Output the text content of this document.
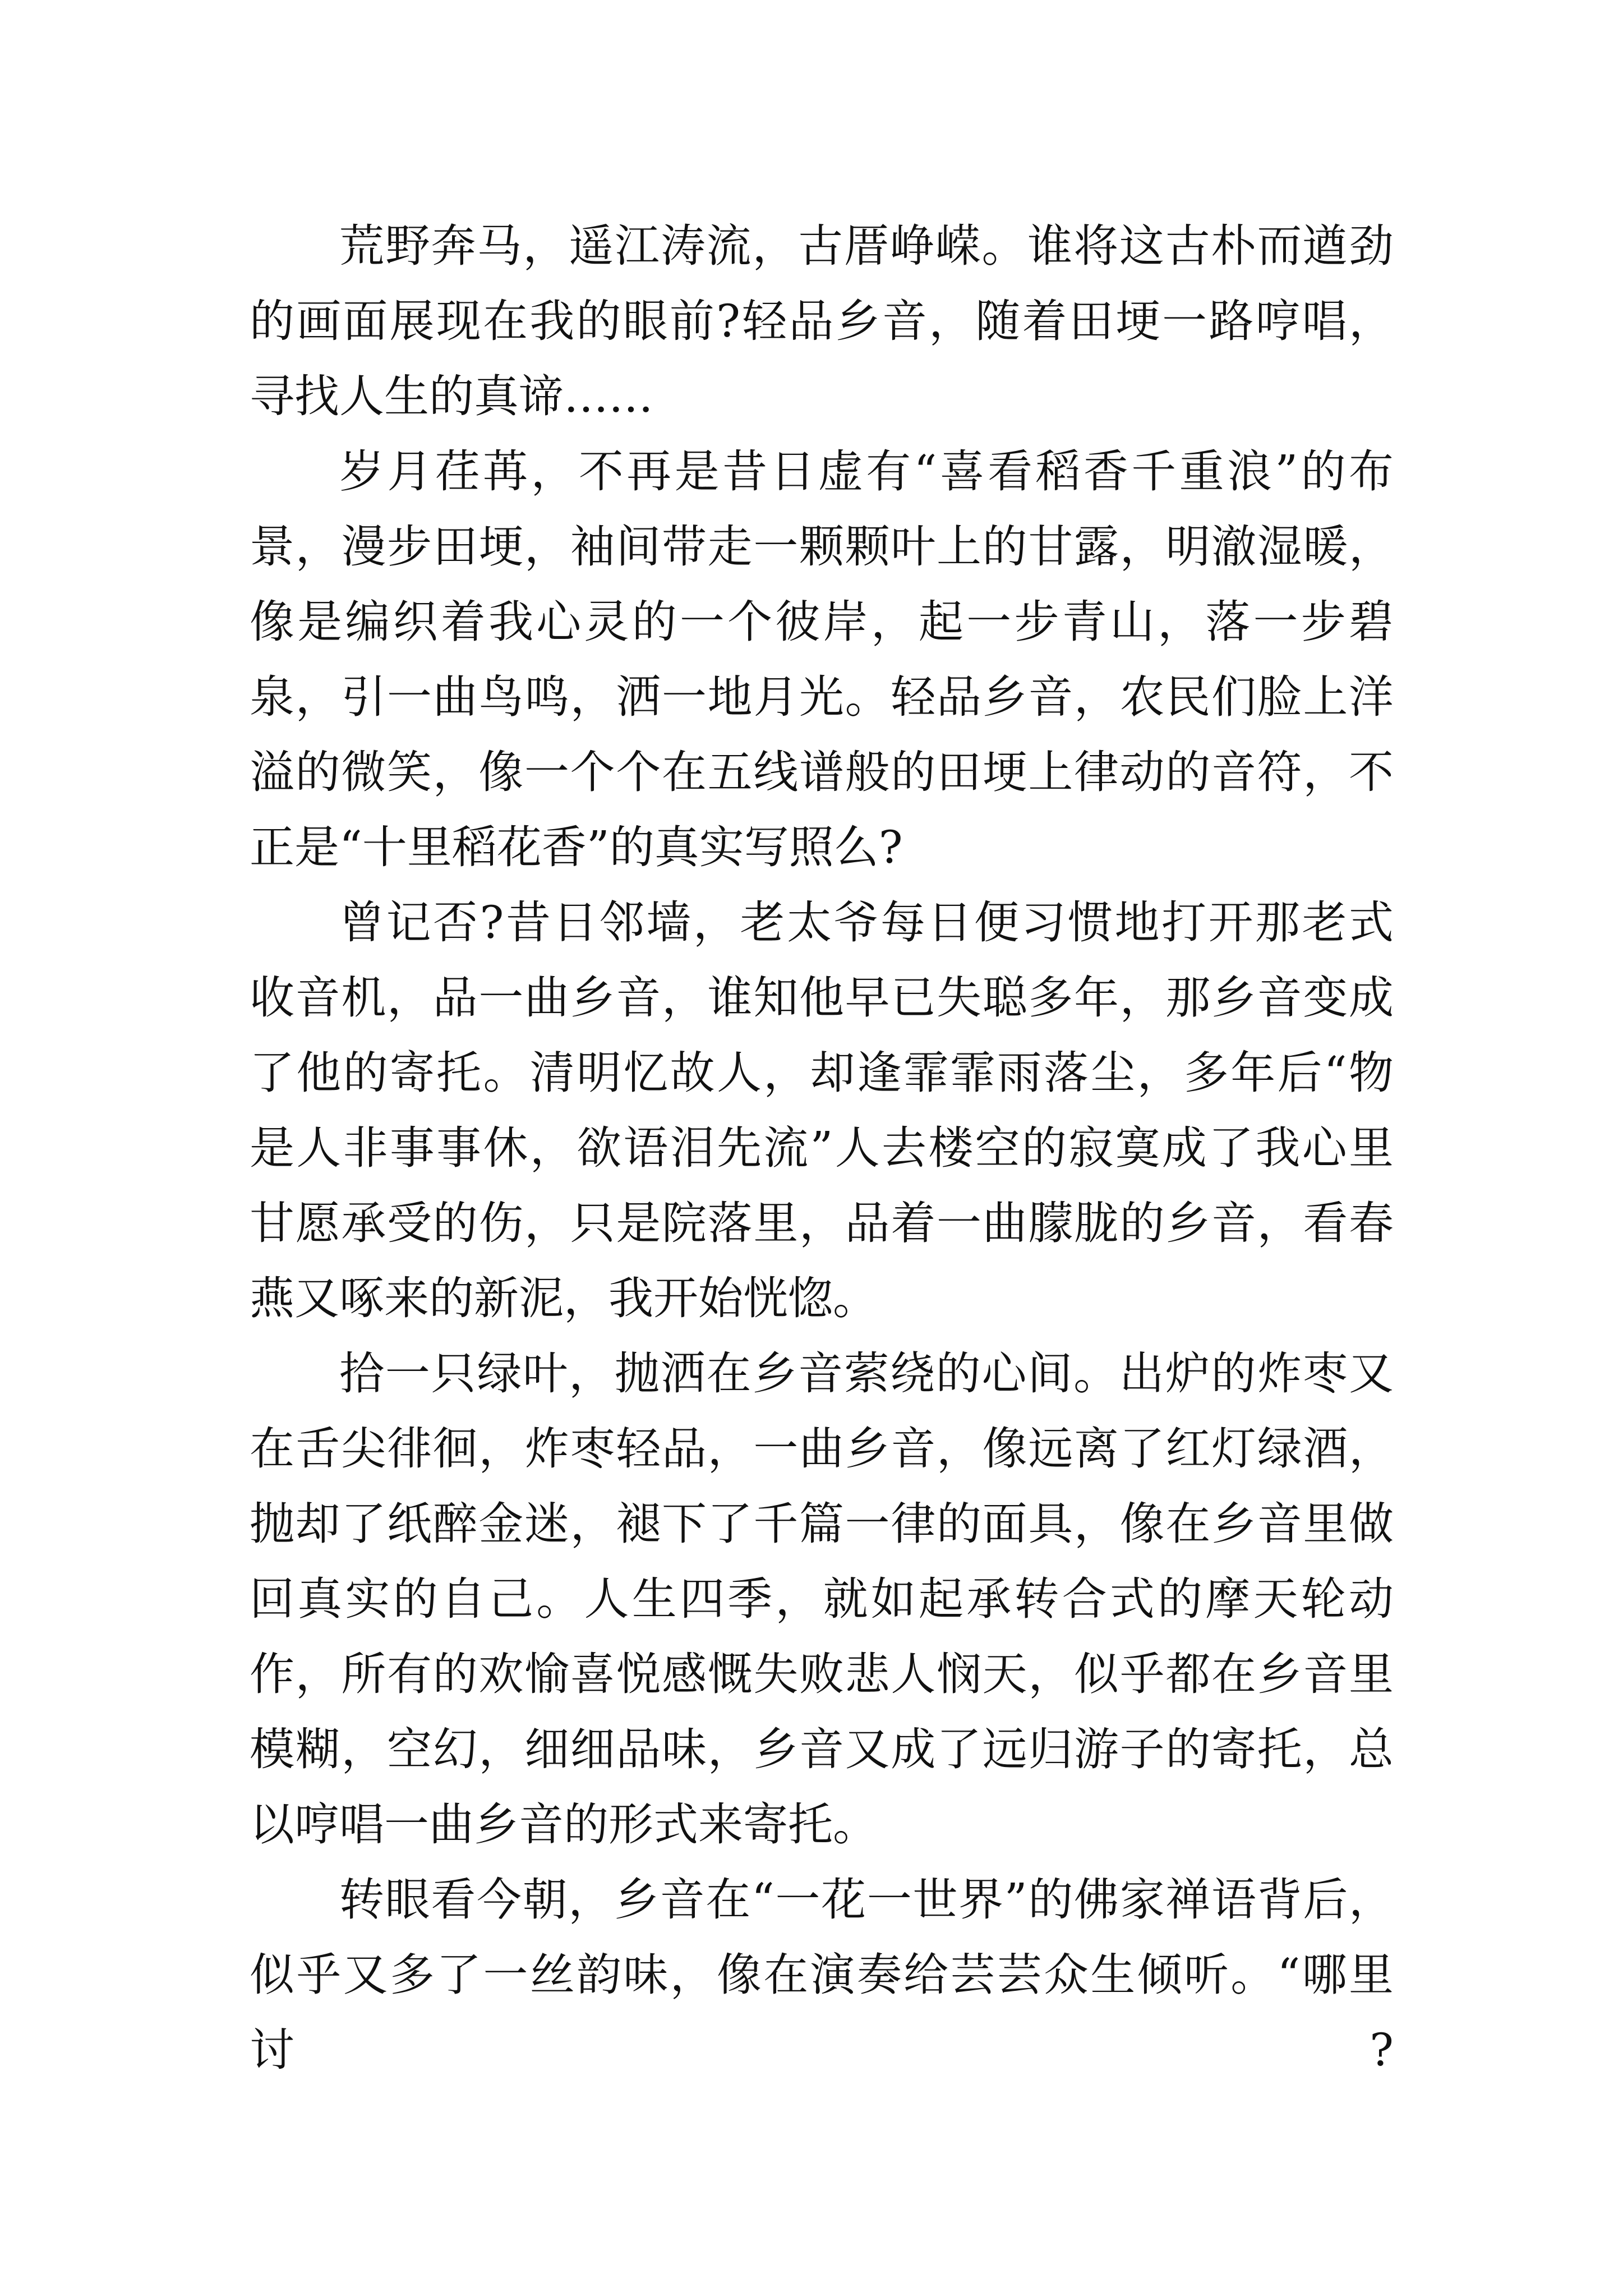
荒野奔马，遥江涛流，古厝峥嵘。谁将这古朴而遒劲的画面展现在我的眼前?轻品乡音，随着田埂一路哼唱，寻找人生的真谛……

岁月荏苒，不再是昔日虚有“喜看稻香千重浪”的布景，漫步田埂，袖间带走一颗颗叶上的甘露，明澈湿暖，像是编织着我心灵的一个彼岸，起一步青山，落一步碧泉，引一曲鸟鸣，洒一地月光。轻品乡音，农民们脸上洋溢的微笑，像一个个在五线谱般的田埂上律动的音符，不正是“十里稻花香”的真实写照么?

曾记否?昔日邻墙，老太爷每日便习惯地打开那老式收音机，品一曲乡音，谁知他早已失聪多年，那乡音变成了他的寄托。清明忆故人，却逢霏霏雨落尘，多年后“物是人非事事休，欲语泪先流”人去楼空的寂寞成了我心里甘愿承受的伤，只是院落里，品着一曲朦胧的乡音，看春燕又啄来的新泥，我开始恍惚。

拾一只绿叶，抛洒在乡音萦绕的心间。出炉的炸枣又在舌尖徘徊，炸枣轻品，一曲乡音，像远离了红灯绿酒，抛却了纸醉金迷，褪下了千篇一律的面具，像在乡音里做回真实的自己。人生四季，就如起承转合式的摩天轮动作，所有的欢愉喜悦感慨失败悲人悯天，似乎都在乡音里模糊，空幻，细细品味，乡音又成了远归游子的寄托，总以哼唱一曲乡音的形式来寄托。

转眼看今朝，乡音在“一花一世界”的佛家禅语背后，似乎又多了一丝韵味，像在演奏给芸芸众生倾听。“哪里讨?
